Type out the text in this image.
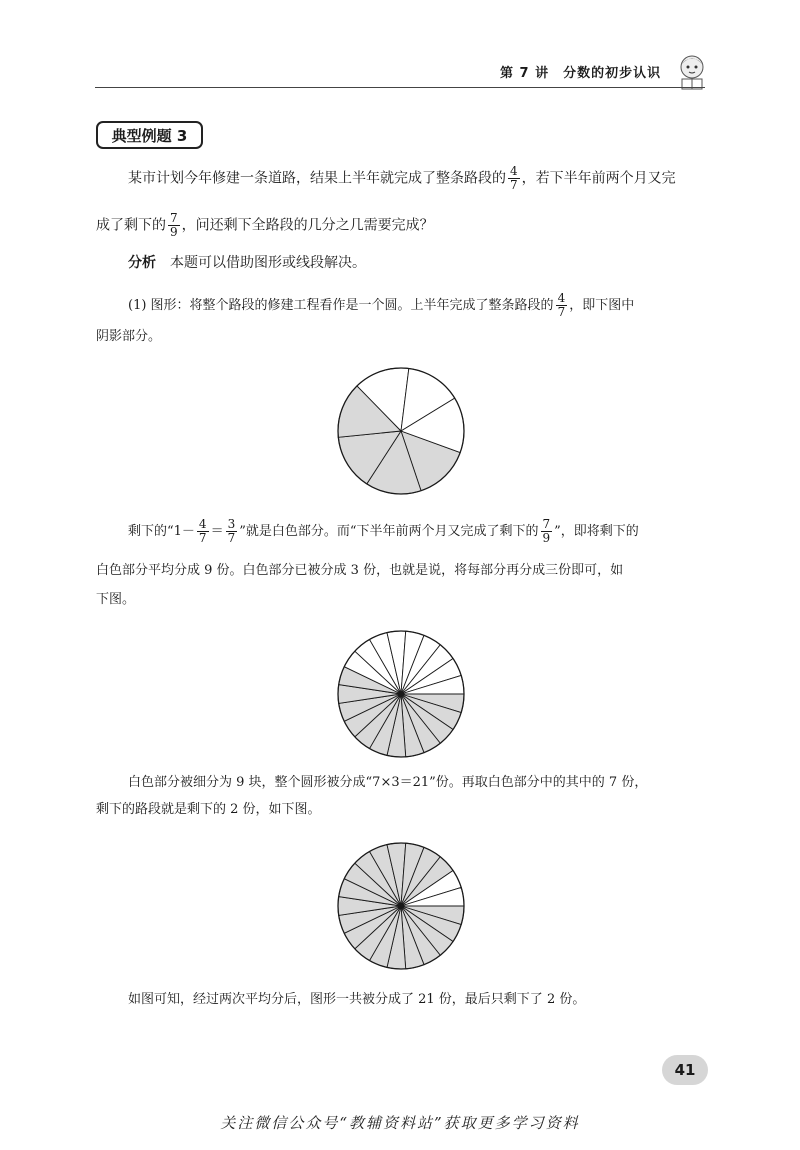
第 7 讲　分数的初步认识
典型例题 3
某市计划今年修建一条道路，结果上半年就完成了整条路段的 $\frac{4}{7}$ ，若下半年前两个月又完
成了剩下的 $\frac{7}{9}$ ，问还剩下全路段的几分之几需要完成？
分析　 本题可以借助图形或线段解决。
(1) 图形：将整个路段的修建工程看作是一个圆。上半年完成了整条路段的 $\frac{4}{7}$ ，即下图中
阴影部分。
剩下的“$1- \frac{4}{7} = \frac{3}{7}$ ”就是白色部分。而“下半年前两个月又完成了剩下的 $\frac{7}{9}$ ”，即将剩下的
白色部分平均分成 9 份。白色部分已被分成 3 份，也就是说，将每部分再分成三份即可，如
下图。
白色部分被细分为 9 块，整个圆形被分成“7×3＝21”份。再取白色部分中的其中的 7 份，
剩下的路段就是剩下的 2 份，如下图。
如图可知，经过两次平均分后，图形一共被分成了 21 份，最后只剩下了 2 份。
41
关注微信公众号“教辅资料站”获取更多学习资料
